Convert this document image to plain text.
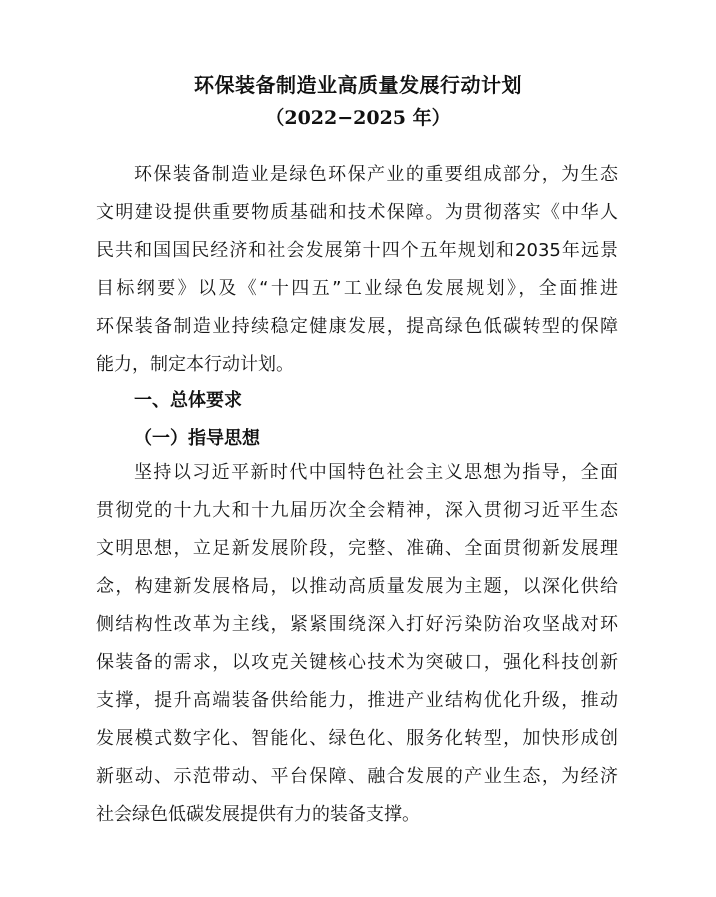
环保装备制造业高质量发展行动计划
（2022−2025 年）
环保装备制造业是绿色环保产业的重要组成部分，为生态
文明建设提供重要物质基础和技术保障。为贯彻落实《中华人
民共和国国民经济和社会发展第十四个五年规划和2035年远景
目标纲要》以及《“十四五”工业绿色发展规划》，全面推进
环保装备制造业持续稳定健康发展，提高绿色低碳转型的保障
能力，制定本行动计划。
一、总体要求
（一）指导思想
坚持以习近平新时代中国特色社会主义思想为指导，全面
贯彻党的十九大和十九届历次全会精神，深入贯彻习近平生态
文明思想，立足新发展阶段，完整、准确、全面贯彻新发展理
念，构建新发展格局，以推动高质量发展为主题，以深化供给
侧结构性改革为主线，紧紧围绕深入打好污染防治攻坚战对环
保装备的需求，以攻克关键核心技术为突破口，强化科技创新
支撑，提升高端装备供给能力，推进产业结构优化升级，推动
发展模式数字化、智能化、绿色化、服务化转型，加快形成创
新驱动、示范带动、平台保障、融合发展的产业生态，为经济
社会绿色低碳发展提供有力的装备支撑。
